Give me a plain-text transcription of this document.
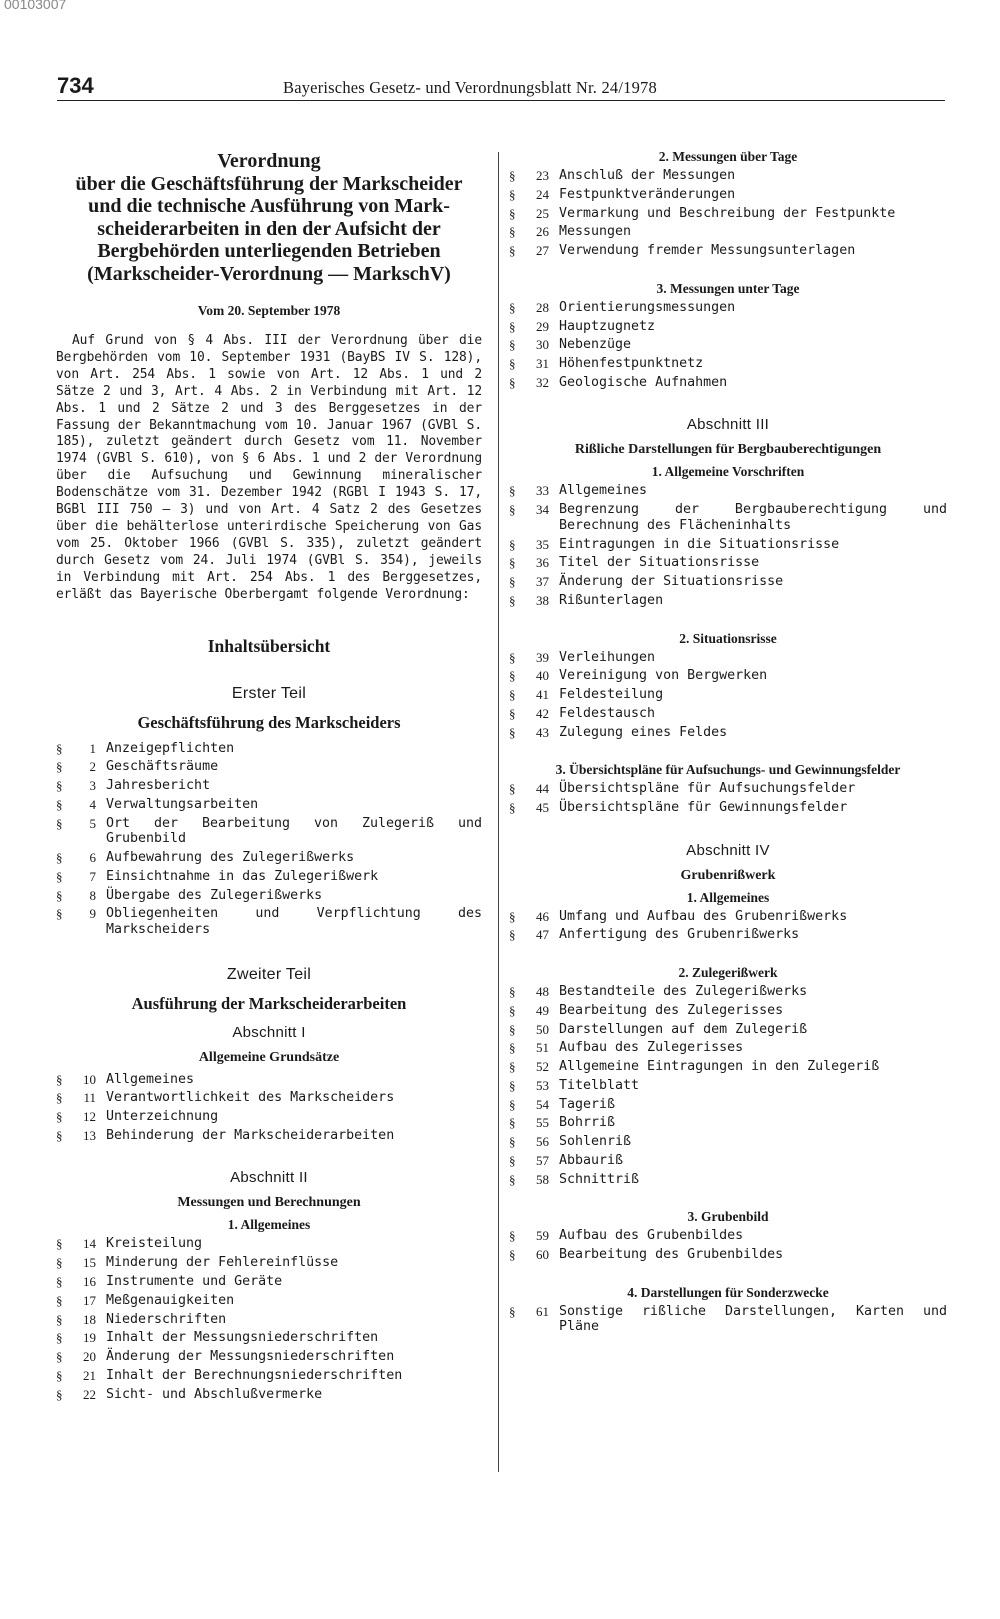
00103007
734	Bayerisches Gesetz- und Verordnungsblatt Nr. 24/1978

Verordnung

über die Geschäftsführung der Markscheider

und die technische Ausführung von Mark-

scheiderarbeiten in den der Aufsicht der

Bergbehörden unterliegenden Betrieben

(Markscheider-Verordnung — MarkschV)

Vom 20. September 1978

Auf Grund von § 4 Abs. III der Verordnung über die Bergbehörden vom 10. September 1931 (BayBS IV S. 128), von Art. 254 Abs. 1 sowie von Art. 12 Abs. 1 und 2 Sätze 2 und 3, Art. 4 Abs. 2 in Verbindung mit Art. 12 Abs. 1 und 2 Sätze 2 und 3 des Berggesetzes in der Fassung der Bekanntmachung vom 10. Januar 1967 (GVBl S. 185), zuletzt geändert durch Gesetz vom 11. November 1974 (GVBl S. 610), von § 6 Abs. 1 und 2 der Verordnung über die Aufsuchung und Gewinnung mineralischer Bodenschätze vom 31. Dezember 1942 (RGBl I 1943 S. 17, BGBl III 750 — 3) und von Art. 4 Satz 2 des Gesetzes über die behälterlose unterirdische Speicherung von Gas vom 25. Oktober 1966 (GVBl S. 335), zuletzt geändert durch Gesetz vom 24. Juli 1974 (GVBl S. 354), jeweils in Verbindung mit Art. 254 Abs. 1 des Berggesetzes, erläßt das Bayerische Oberbergamt folgende Verordnung:

Inhaltsübersicht

Erster Teil

Geschäftsführung des Markscheiders

§	1 Anzeigepflichten
§	2 Geschäftsräume
§	3 Jahresbericht
§	4 Verwaltungsarbeiten
§	5 Ort der Bearbeitung von Zulegeriß und Grubenbild
§	6 Aufbewahrung des Zulegerißwerks
§	7 Einsichtnahme in das Zulegerißwerk
§	8 Übergabe des Zulegerißwerks
§	9 Obliegenheiten und Verpflichtung des Markscheiders

Zweiter Teil

Ausführung der Markscheiderarbeiten

Abschnitt I

Allgemeine Grundsätze

§	10 Allgemeines
§	11 Verantwortlichkeit des Markscheiders
§	12 Unterzeichnung
§	13 Behinderung der Markscheiderarbeiten

Abschnitt II

Messungen und Berechnungen

1. Allgemeines

§	14 Kreisteilung
§	15 Minderung der Fehlereinflüsse
§	16 Instrumente und Geräte
§	17 Meßgenauigkeiten
§	18 Niederschriften
§	19 Inhalt der Messungsniederschriften
§	20 Änderung der Messungsniederschriften
§	21 Inhalt der Berechnungsniederschriften
§	22 Sicht- und Abschlußvermerke

2. Messungen über Tage

§	23 Anschluß der Messungen
§	24 Festpunktveränderungen
§	25 Vermarkung und Beschreibung der Festpunkte
§	26 Messungen
§	27 Verwendung fremder Messungsunterlagen

3. Messungen unter Tage

§	28 Orientierungsmessungen
§	29 Hauptzugnetz
§	30 Nebenzüge
§	31 Höhenfestpunktnetz
§	32 Geologische Aufnahmen

Abschnitt III

Rißliche Darstellungen für Bergbauberechtigungen

1. Allgemeine Vorschriften

§	33 Allgemeines
§	34 Begrenzung der Bergbauberechtigung und Berechnung des Flächeninhalts
§	35 Eintragungen in die Situationsrisse
§	36 Titel der Situationsrisse
§	37 Änderung der Situationsrisse
§	38 Rißunterlagen

2. Situationsrisse

§	39 Verleihungen
§	40 Vereinigung von Bergwerken
§	41 Feldesteilung
§	42 Feldestausch
§	43 Zulegung eines Feldes

3. Übersichtspläne für Aufsuchungs- und Gewinnungsfelder

§	44 Übersichtspläne für Aufsuchungsfelder
§	45 Übersichtspläne für Gewinnungsfelder

Abschnitt IV

Grubenrißwerk

1. Allgemeines

§	46 Umfang und Aufbau des Grubenrißwerks
§	47 Anfertigung des Grubenrißwerks

2. Zulegerißwerk

§	48 Bestandteile des Zulegerißwerks
§	49 Bearbeitung des Zulegerisses
§	50 Darstellungen auf dem Zulegeriß
§	51 Aufbau des Zulegerisses
§	52 Allgemeine Eintragungen in den Zulegeriß
§	53 Titelblatt
§	54 Tageriß
§	55 Bohrriß
§	56 Sohlenriß
§	57 Abbauriß
§	58 Schnittriß

3. Grubenbild

§	59 Aufbau des Grubenbildes
§	60 Bearbeitung des Grubenbildes

4. Darstellungen für Sonderzwecke

§	61 Sonstige rißliche Darstellungen, Karten und Pläne
